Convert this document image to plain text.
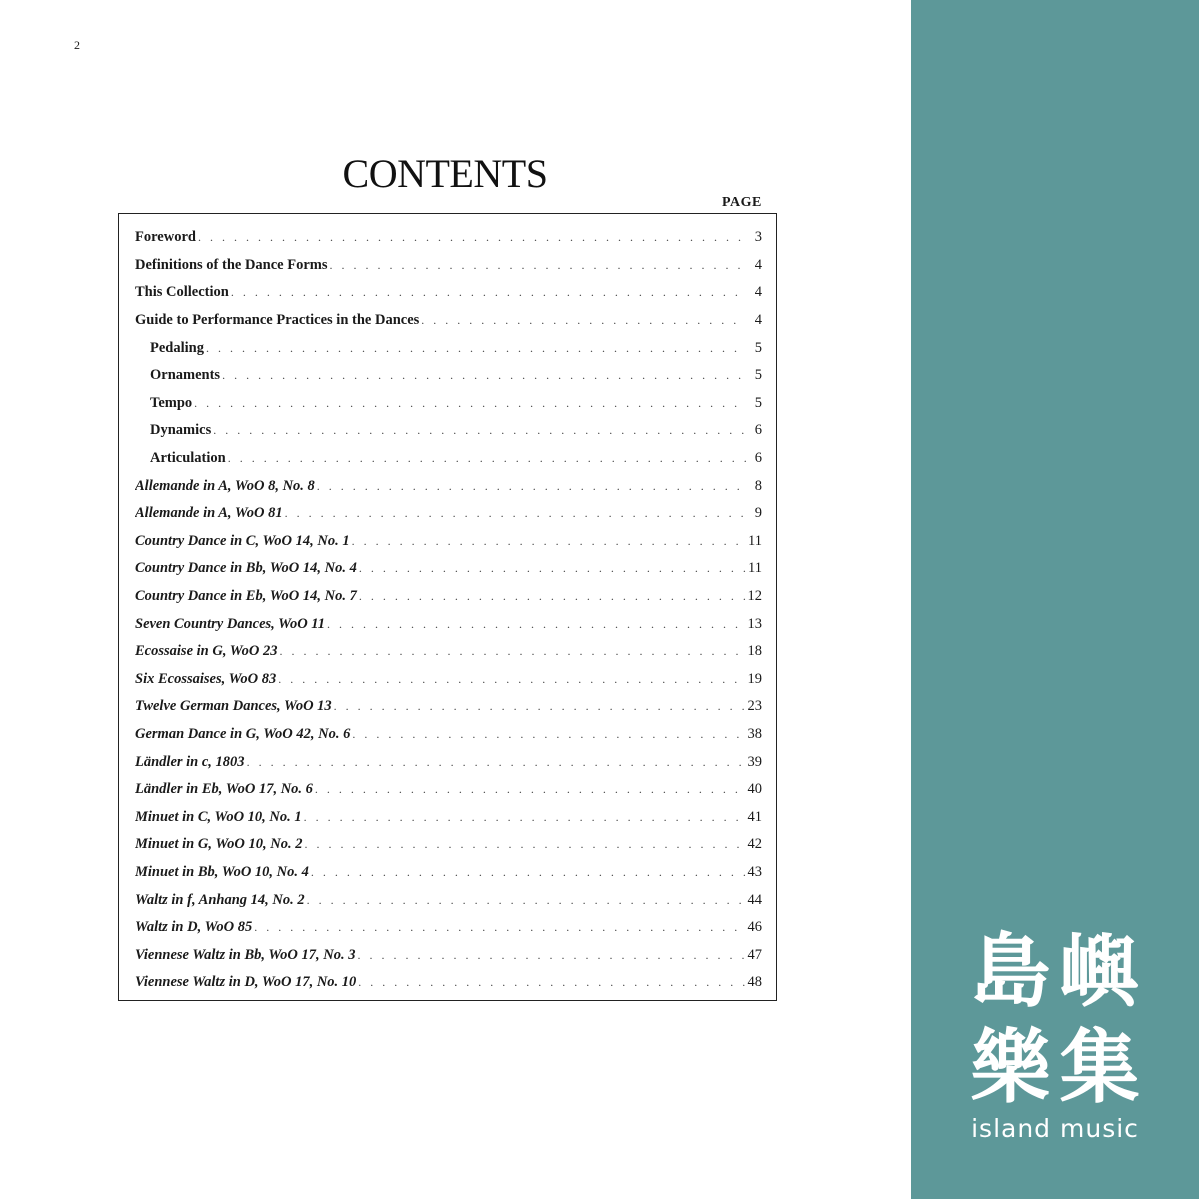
2
CONTENTS
PAGE
Foreword . . .	3
Definitions of the Dance Forms . . .	4
This Collection . . .	4
Guide to Performance Practices in the Dances . . .	4
Pedaling . . .	5
Ornaments . . .	5
Tempo . . .	5
Dynamics . . .	6
Articulation . . .	6
Allemande in A, WoO 8, No. 8 . . .	8
Allemande in A, WoO 81 . . .	9
Country Dance in C, WoO 14, No. 1 . . .	11
Country Dance in Bb, WoO 14, No. 4 . . .	11
Country Dance in Eb, WoO 14, No. 7 . . .	12
Seven Country Dances, WoO 11 . . .	13
Ecossaise in G, WoO 23 . . .	18
Six Ecossaises, WoO 83 . . .	19
Twelve German Dances, WoO 13 . . .	23
German Dance in G, WoO 42, No. 6 . . .	38
Ländler in c, 1803 . . .	39
Ländler in Eb, WoO 17, No. 6 . . .	40
Minuet in C, WoO 10, No. 1 . . .	41
Minuet in G, WoO 10, No. 2 . . .	42
Minuet in Bb, WoO 10, No. 4 . . .	43
Waltz in f, Anhang 14, No. 2 . . .	44
Waltz in D, WoO 85 . . .	46
Viennese Waltz in Bb, WoO 17, No. 3 . . .	47
Viennese Waltz in D, WoO 17, No. 10 . . .	48	島 嶼
樂 集
island music
